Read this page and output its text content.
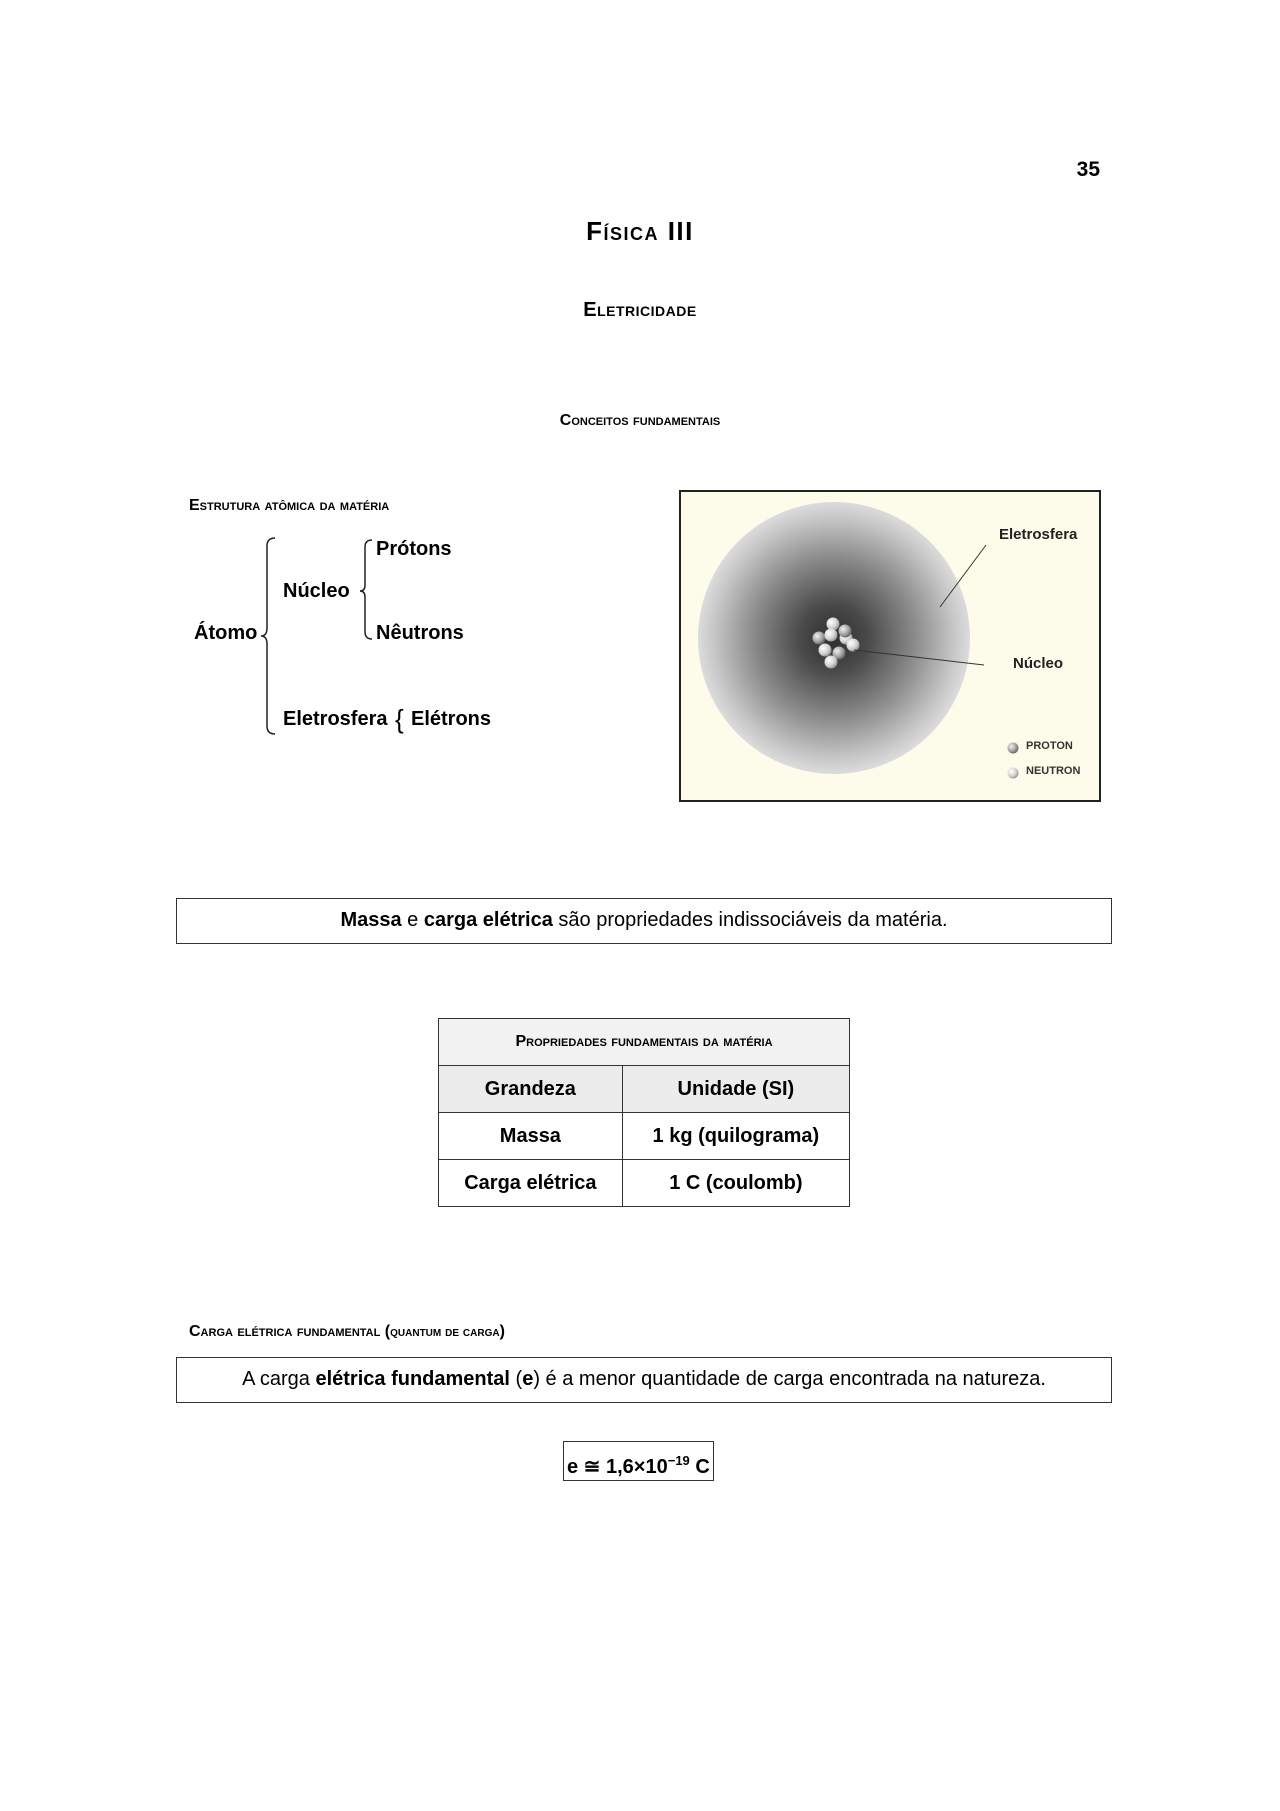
35
Física III
Eletricidade
Conceitos fundamentais
Estrutura atômica da matéria
Átomo
Núcleo
Prótons
Nêutrons
Eletrosfera { Elétrons
Eletrosfera
Núcleo
PROTON
NEUTRON
Massa e carga elétrica são propriedades indissociáveis da matéria.
Propriedades fundamentais da matéria	
Grandeza	Unidade (SI)
Massa	1 kg (quilograma)
Carga elétrica	1 C (coulomb)
Carga elétrica fundamental (quantum de carga)
A carga elétrica fundamental (e) é a menor quantidade de carga encontrada na natureza.
e ≅ $1,6\times 10^{-19}$ C
